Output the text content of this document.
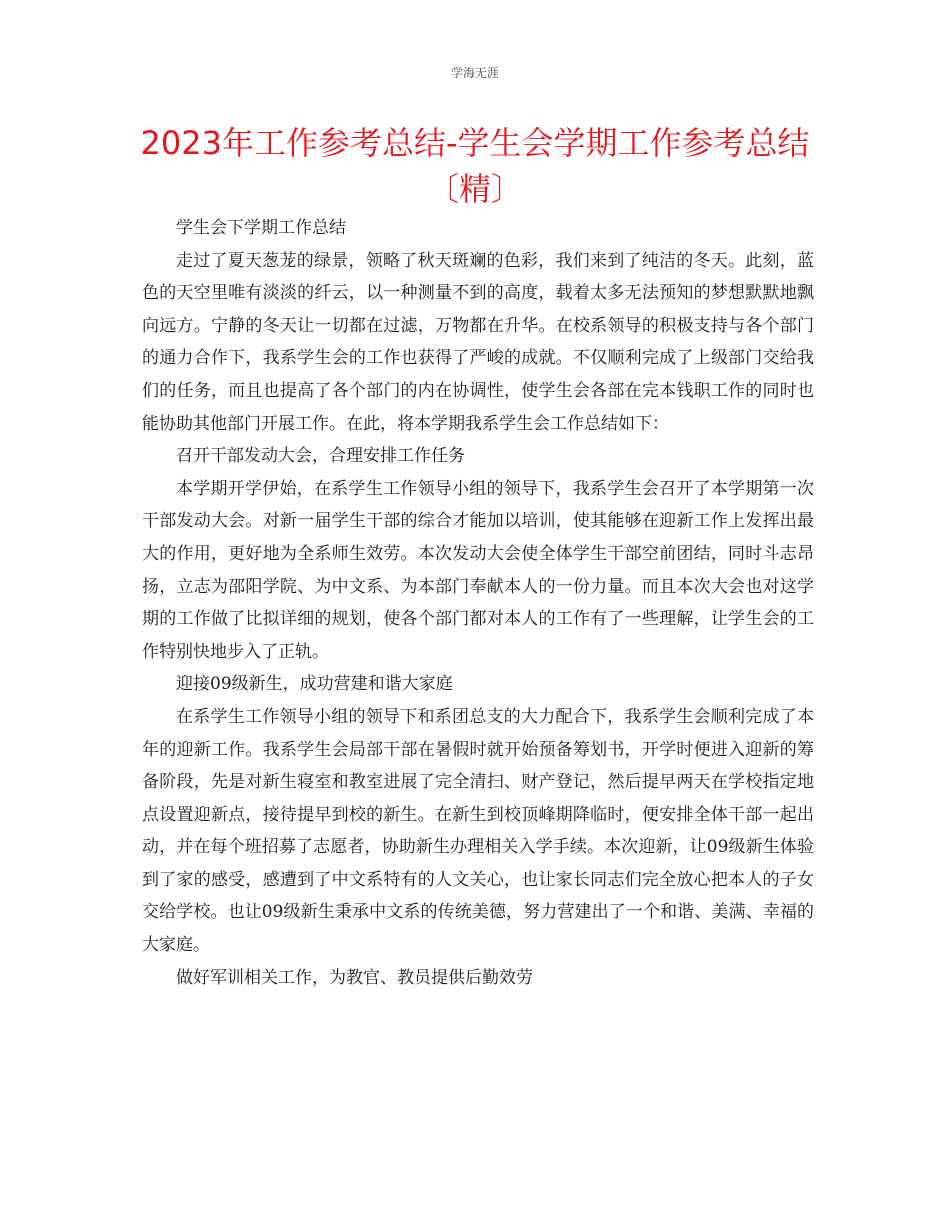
学海无涯
2023年工作参考总结-学生会学期工作参考总结〔精〕

学生会下学期工作总结

走过了夏天葱茏的绿景，领略了秋天斑斓的色彩，我们来到了纯洁的冬天。此刻，蓝色的天空里唯有淡淡的纤云，以一种测量不到的高度，载着太多无法预知的梦想默默地飘向远方。宁静的冬天让一切都在过滤，万物都在升华。在校系领导的积极支持与各个部门的通力合作下，我系学生会的工作也获得了严峻的成就。不仅顺利完成了上级部门交给我们的任务，而且也提高了各个部门的内在协调性，使学生会各部在完本钱职工作的同时也能协助其他部门开展工作。在此，将本学期我系学生会工作总结如下：

召开干部发动大会，合理安排工作任务

本学期开学伊始，在系学生工作领导小组的领导下，我系学生会召开了本学期第一次干部发动大会。对新一届学生干部的综合才能加以培训，使其能够在迎新工作上发挥出最大的作用，更好地为全系师生效劳。本次发动大会使全体学生干部空前团结，同时斗志昂扬，立志为邵阳学院、为中文系、为本部门奉献本人的一份力量。而且本次大会也对这学期的工作做了比拟详细的规划，使各个部门都对本人的工作有了一些理解，让学生会的工作特别快地步入了正轨。

迎接09级新生，成功营建和谐大家庭

在系学生工作领导小组的领导下和系团总支的大力配合下，我系学生会顺利完成了本年的迎新工作。我系学生会局部干部在暑假时就开始预备筹划书，开学时便进入迎新的筹备阶段，先是对新生寝室和教室进展了完全清扫、财产登记，然后提早两天在学校指定地点设置迎新点，接待提早到校的新生。在新生到校顶峰期降临时，便安排全体干部一起出动，并在每个班招募了志愿者，协助新生办理相关入学手续。本次迎新，让09级新生体验到了家的感受，感遭到了中文系特有的人文关心，也让家长同志们完全放心把本人的子女交给学校。也让09级新生秉承中文系的传统美德，努力营建出了一个和谐、美满、幸福的大家庭。

做好军训相关工作，为教官、教员提供后勤效劳
